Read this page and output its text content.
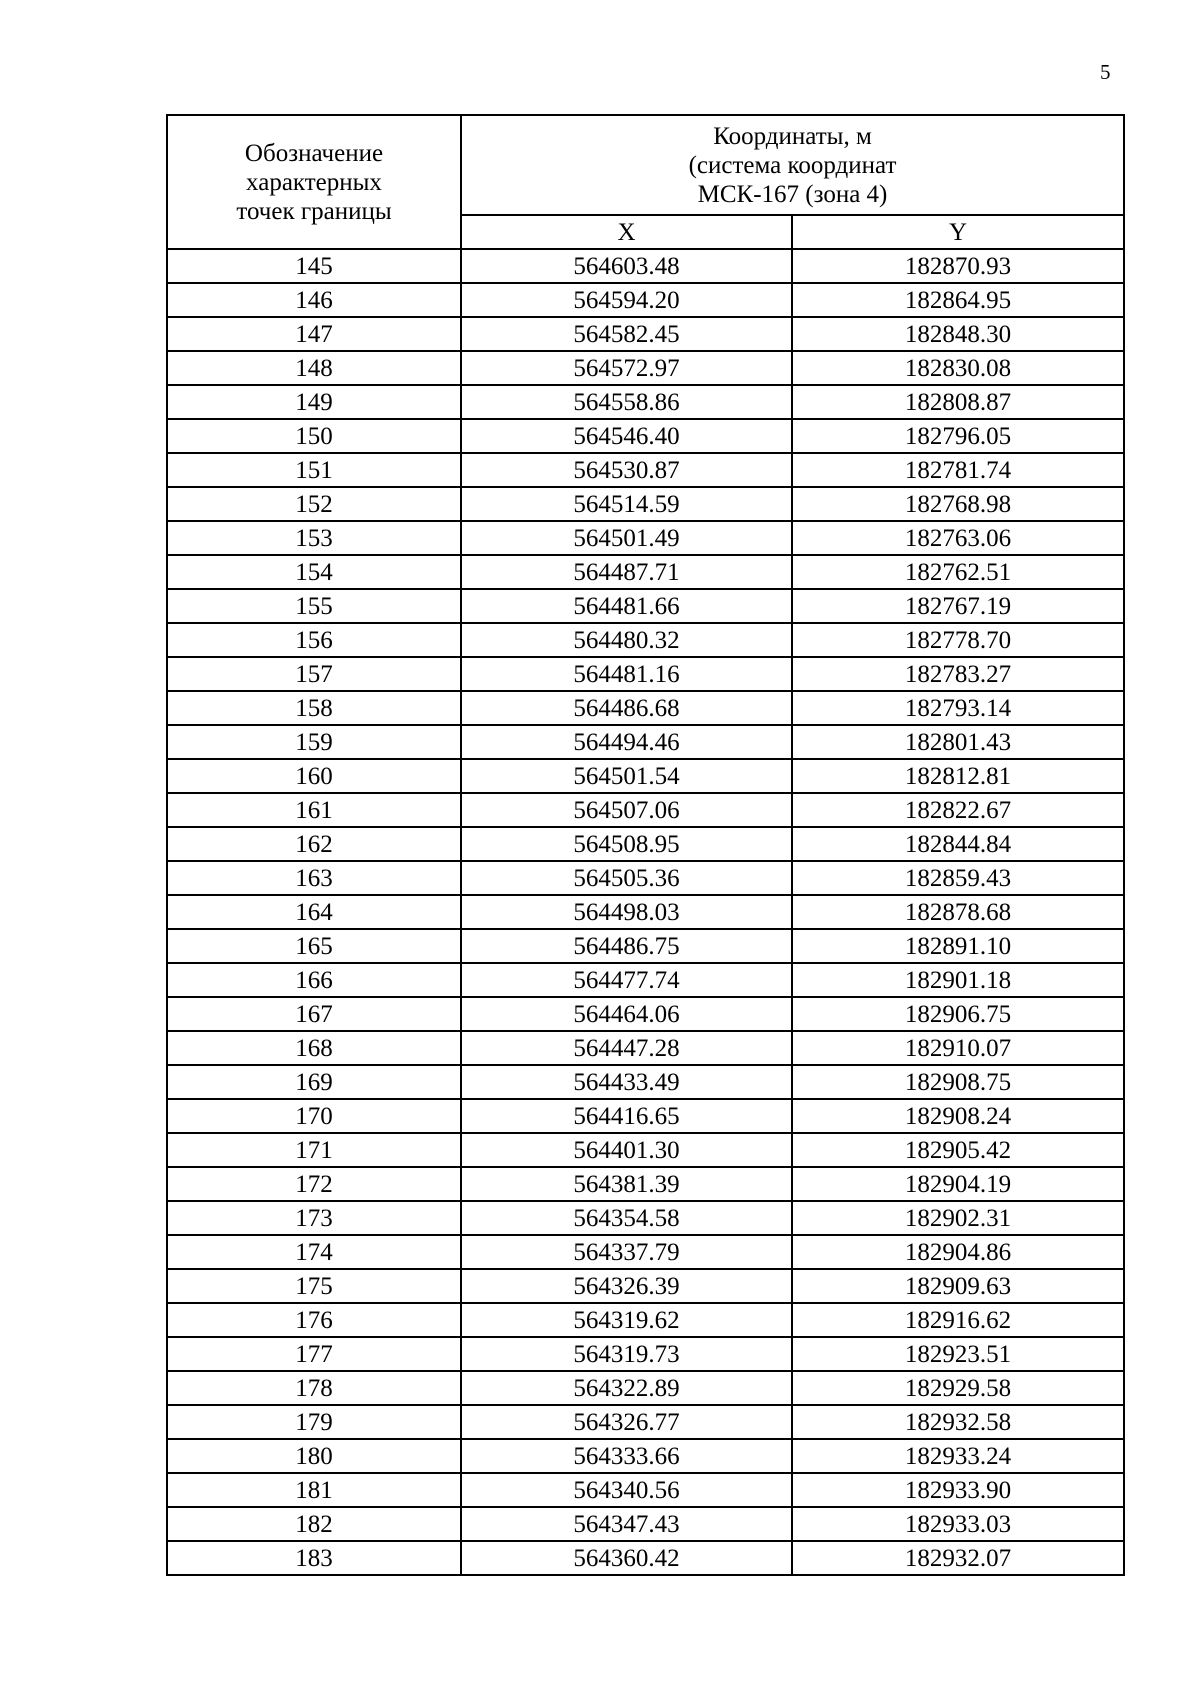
5
Обозначение
характерных
точек границы	Координаты, м
(система координат
МСК-167 (зона 4)	

	X	Y
145	564603.48	182870.93
146	564594.20	182864.95
147	564582.45	182848.30
148	564572.97	182830.08
149	564558.86	182808.87
150	564546.40	182796.05
151	564530.87	182781.74
152	564514.59	182768.98
153	564501.49	182763.06
154	564487.71	182762.51
155	564481.66	182767.19
156	564480.32	182778.70
157	564481.16	182783.27
158	564486.68	182793.14
159	564494.46	182801.43
160	564501.54	182812.81
161	564507.06	182822.67
162	564508.95	182844.84
163	564505.36	182859.43
164	564498.03	182878.68
165	564486.75	182891.10
166	564477.74	182901.18
167	564464.06	182906.75
168	564447.28	182910.07
169	564433.49	182908.75
170	564416.65	182908.24
171	564401.30	182905.42
172	564381.39	182904.19
173	564354.58	182902.31
174	564337.79	182904.86
175	564326.39	182909.63
176	564319.62	182916.62
177	564319.73	182923.51
178	564322.89	182929.58
179	564326.77	182932.58
180	564333.66	182933.24
181	564340.56	182933.90
182	564347.43	182933.03
183	564360.42	182932.07
